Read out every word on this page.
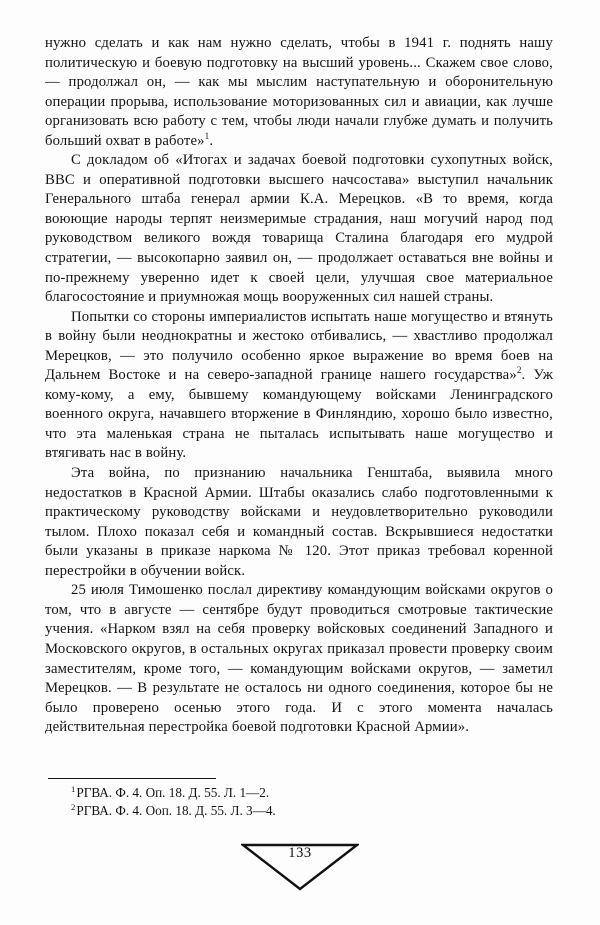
нужно сделать и как нам нужно сделать, чтобы в 1941 г. поднять нашу политическую и боевую подготовку на высший уровень... Скажем свое слово, — продолжал он, — как мы мыслим наступательную и оборонительную операции прорыва, использование моторизованных сил и авиации, как лучше организовать всю работу с тем, чтобы люди начали глубже думать и получить больший охват в работе»$^1$.

С докладом об «Итогах и задачах боевой подготовки сухопутных войск, ВВС и оперативной подготовки высшего начсостава» выступил начальник Генерального штаба генерал армии К.А. Мерецков. «В то время, когда воюющие народы терпят неизмеримые страдания, наш могучий народ под руководством великого вождя товарища Сталина благодаря его мудрой стратегии, — высокопарно заявил он, — продолжает оставаться вне войны и по-прежнему уверенно идет к своей цели, улучшая свое материальное благосостояние и приумножая мощь вооруженных сил нашей страны.

Попытки со стороны империалистов испытать наше могущество и втянуть в войну были неоднократны и жестоко отбивались, — хвастливо продолжал Мерецков, — это получило особенно яркое выражение во время боев на Дальнем Востоке и на северо-западной границе нашего государства»$^2$. Уж кому-кому, а ему, бывшему командующему войсками Ленинградского военного округа, начавшего вторжение в Финляндию, хорошо было известно, что эта маленькая страна не пыталась испытывать наше могущество и втягивать нас в войну.

Эта война, по признанию начальника Генштаба, выявила много недостатков в Красной Армии. Штабы оказались слабо подготовленными к практическому руководству войсками и неудовлетворительно руководили тылом. Плохо показал себя и командный состав. Вскрывшиеся недостатки были указаны в приказе наркома № 120. Этот приказ требовал коренной перестройки в обучении войск.

25 июля Тимошенко послал директиву командующим войсками округов о том, что в августе — сентябре будут проводиться смотровые тактические учения. «Нарком взял на себя проверку войсковых соединений Западного и Московского округов, в остальных округах приказал провести проверку своим заместителям, кроме того, — командующим войсками округов, — заметил Мерецков. — В результате не осталось ни одного соединения, которое бы не было проверено осенью этого года. И с этого момента началась действительная перестройка боевой подготовки Красной Армии».

$^1$РГВА. Ф. 4. Оп. 18. Д. 55. Л. 1—2.

$^2$РГВА. Ф. 4. Ооп. 18. Д. 55. Л. 3—4.

133
